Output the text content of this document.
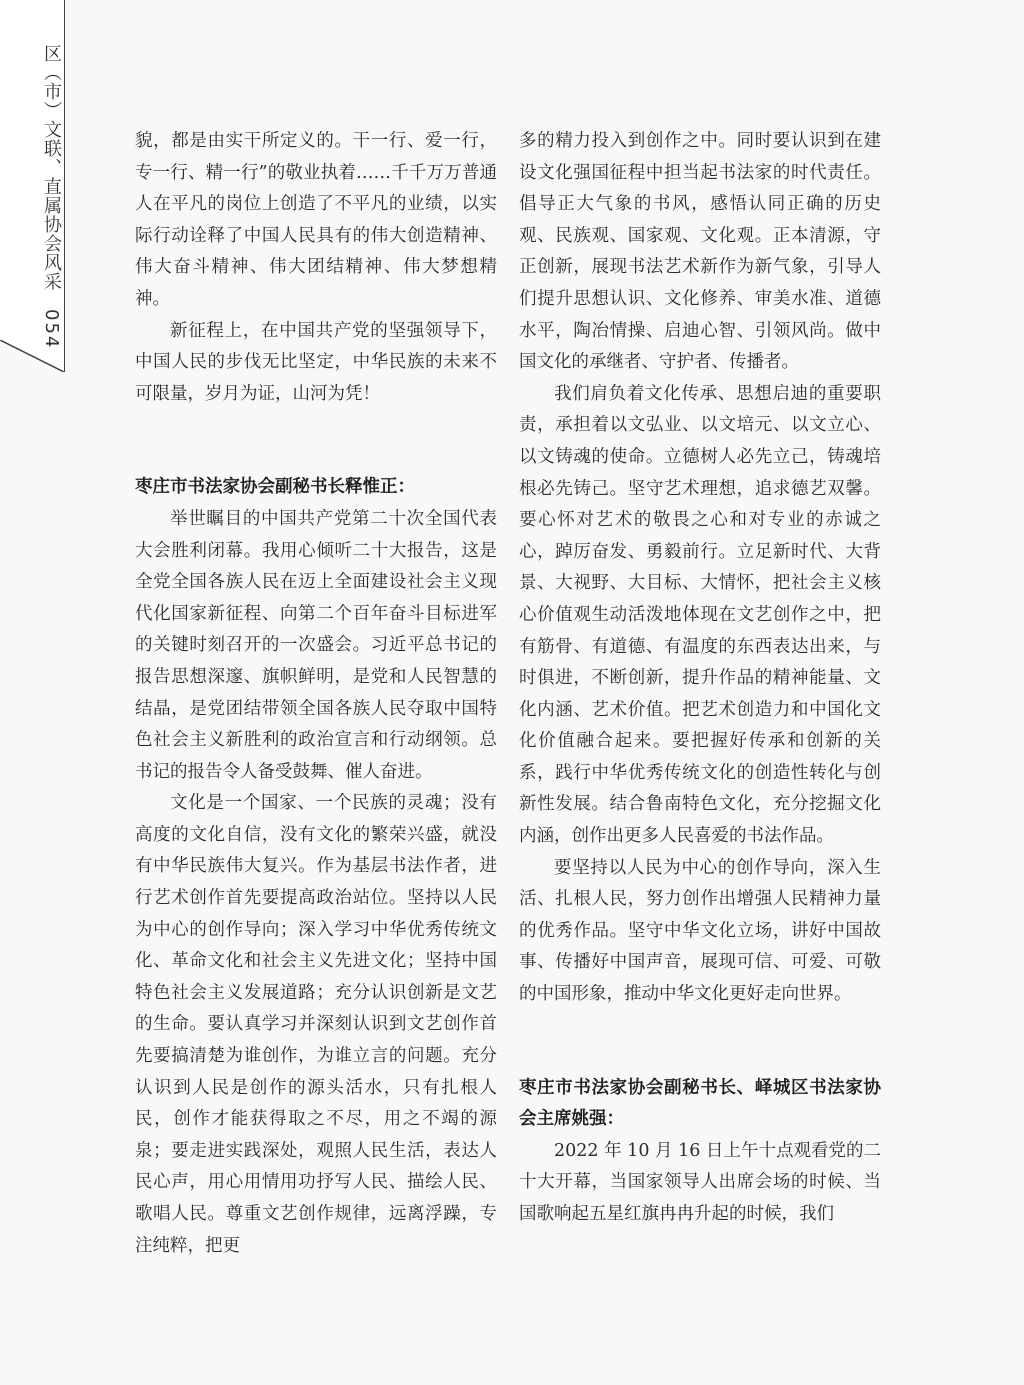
区（市）文联、直属协会风采054

貌，都是由实干所定义的。干一行、爱一行，专一行、精一行”的敬业执着……千千万万普通人在平凡的岗位上创造了不平凡的业绩，以实际行动诠释了中国人民具有的伟大创造精神、伟大奋斗精神、伟大团结精神、伟大梦想精神。

新征程上，在中国共产党的坚强领导下，中国人民的步伐无比坚定，中华民族的未来不可限量，岁月为证，山河为凭！

枣庄市书法家协会副秘书长释惟正：

举世瞩目的中国共产党第二十次全国代表大会胜利闭幕。我用心倾听二十大报告，这是全党全国各族人民在迈上全面建设社会主义现代化国家新征程、向第二个百年奋斗目标进军的关键时刻召开的一次盛会。习近平总书记的报告思想深邃、旗帜鲜明，是党和人民智慧的结晶，是党团结带领全国各族人民夺取中国特色社会主义新胜利的政治宣言和行动纲领。总书记的报告令人备受鼓舞、催人奋进。

文化是一个国家、一个民族的灵魂；没有高度的文化自信，没有文化的繁荣兴盛，就没有中华民族伟大复兴。作为基层书法作者，进行艺术创作首先要提高政治站位。坚持以人民为中心的创作导向；深入学习中华优秀传统文化、革命文化和社会主义先进文化；坚持中国特色社会主义发展道路；充分认识创新是文艺的生命。要认真学习并深刻认识到文艺创作首先要搞清楚为谁创作，为谁立言的问题。充分认识到人民是创作的源头活水，只有扎根人民，创作才能获得取之不尽，用之不竭的源泉；要走进实践深处，观照人民生活，表达人民心声，用心用情用功抒写人民、描绘人民、歌唱人民。尊重文艺创作规律，远离浮躁，专注纯粹，把更

多的精力投入到创作之中。同时要认识到在建设文化强国征程中担当起书法家的时代责任。倡导正大气象的书风，感悟认同正确的历史观、民族观、国家观、文化观。正本清源，守正创新，展现书法艺术新作为新气象，引导人们提升思想认识、文化修养、审美水准、道德水平，陶冶情操、启迪心智、引领风尚。做中国文化的承继者、守护者、传播者。

我们肩负着文化传承、思想启迪的重要职责，承担着以文弘业、以文培元、以文立心、以文铸魂的使命。立德树人必先立己，铸魂培根必先铸己。坚守艺术理想，追求德艺双馨。要心怀对艺术的敬畏之心和对专业的赤诚之心，踔厉奋发、勇毅前行。立足新时代、大背景、大视野、大目标、大情怀，把社会主义核心价值观生动活泼地体现在文艺创作之中，把有筋骨、有道德、有温度的东西表达出来，与时俱进，不断创新，提升作品的精神能量、文化内涵、艺术价值。把艺术创造力和中国化文化价值融合起来。要把握好传承和创新的关系，践行中华优秀传统文化的创造性转化与创新性发展。结合鲁南特色文化，充分挖掘文化内涵，创作出更多人民喜爱的书法作品。

要坚持以人民为中心的创作导向，深入生活、扎根人民，努力创作出增强人民精神力量的优秀作品。坚守中华文化立场，讲好中国故事、传播好中国声音，展现可信、可爱、可敬的中国形象，推动中华文化更好走向世界。

枣庄市书法家协会副秘书长、峄城区书法家协会主席姚强：

2022 年 10 月 16 日上午十点观看党的二十大开幕，当国家领导人出席会场的时候、当国歌响起五星红旗冉冉升起的时候，我们
